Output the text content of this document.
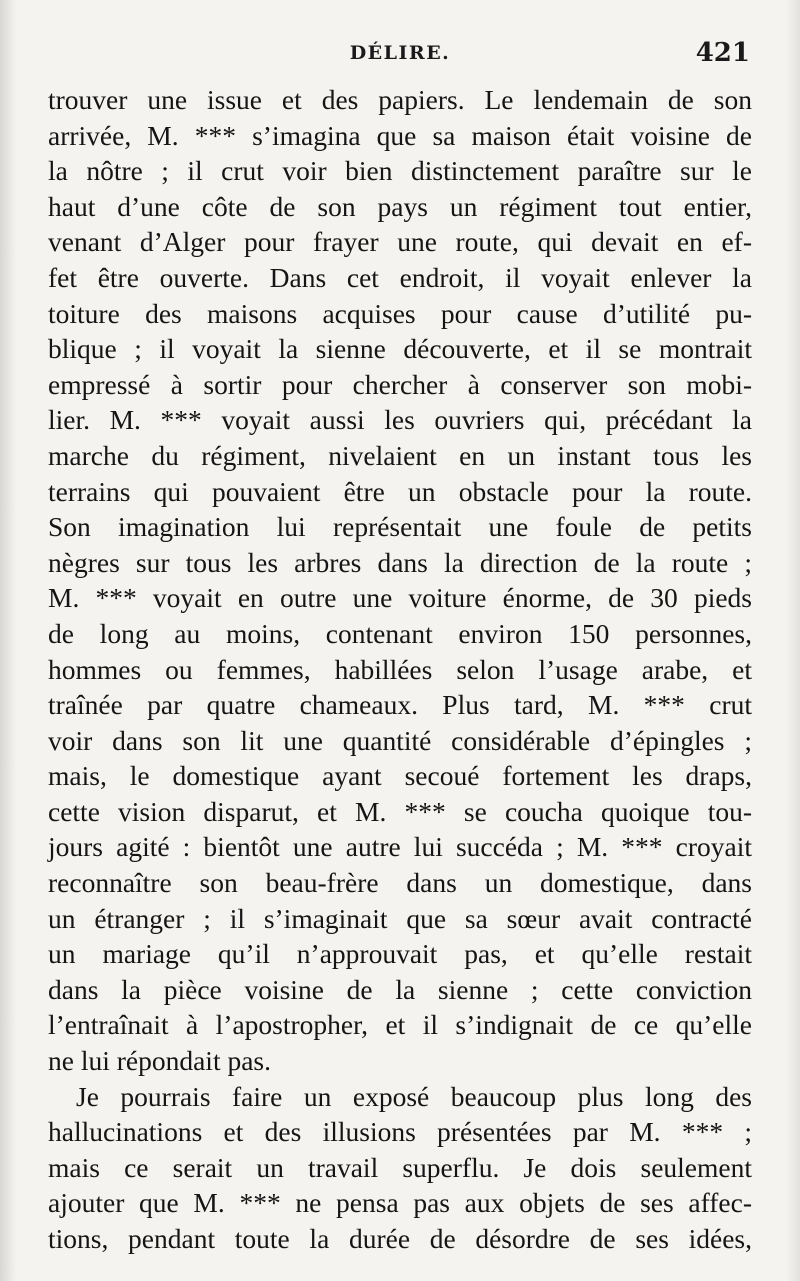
DÉLIRE.	421
trouver une issue et des papiers. Le lendemain de son
arrivée, M. *** s’imagina que sa maison était voisine de
la nôtre ; il crut voir bien distinctement paraître sur le
haut d’une côte de son pays un régiment tout entier,
venant d’Alger pour frayer une route, qui devait en ef-
fet être ouverte. Dans cet endroit, il voyait enlever la
toiture des maisons acquises pour cause d’utilité pu-
blique ; il voyait la sienne découverte, et il se montrait
empressé à sortir pour chercher à conserver son mobi-
lier. M. *** voyait aussi les ouvriers qui, précédant la
marche du régiment, nivelaient en un instant tous les
terrains qui pouvaient être un obstacle pour la route.
Son imagination lui représentait une foule de petits
nègres sur tous les arbres dans la direction de la route ;
M. *** voyait en outre une voiture énorme, de 30 pieds
de long au moins, contenant environ 150 personnes,
hommes ou femmes, habillées selon l’usage arabe, et
traînée par quatre chameaux. Plus tard, M. *** crut
voir dans son lit une quantité considérable d’épingles ;
mais, le domestique ayant secoué fortement les draps,
cette vision disparut, et M. *** se coucha quoique tou-
jours agité : bientôt une autre lui succéda ; M. *** croyait
reconnaître son beau-frère dans un domestique, dans
un étranger ; il s’imaginait que sa sœur avait contracté
un mariage qu’il n’approuvait pas, et qu’elle restait
dans la pièce voisine de la sienne ; cette conviction
l’entraînait à l’apostropher, et il s’indignait de ce qu’elle
ne lui répondait pas.
Je pourrais faire un exposé beaucoup plus long des
hallucinations et des illusions présentées par M. *** ;
mais ce serait un travail superflu. Je dois seulement
ajouter que M. *** ne pensa pas aux objets de ses affec-
tions, pendant toute la durée de désordre de ses idées,
